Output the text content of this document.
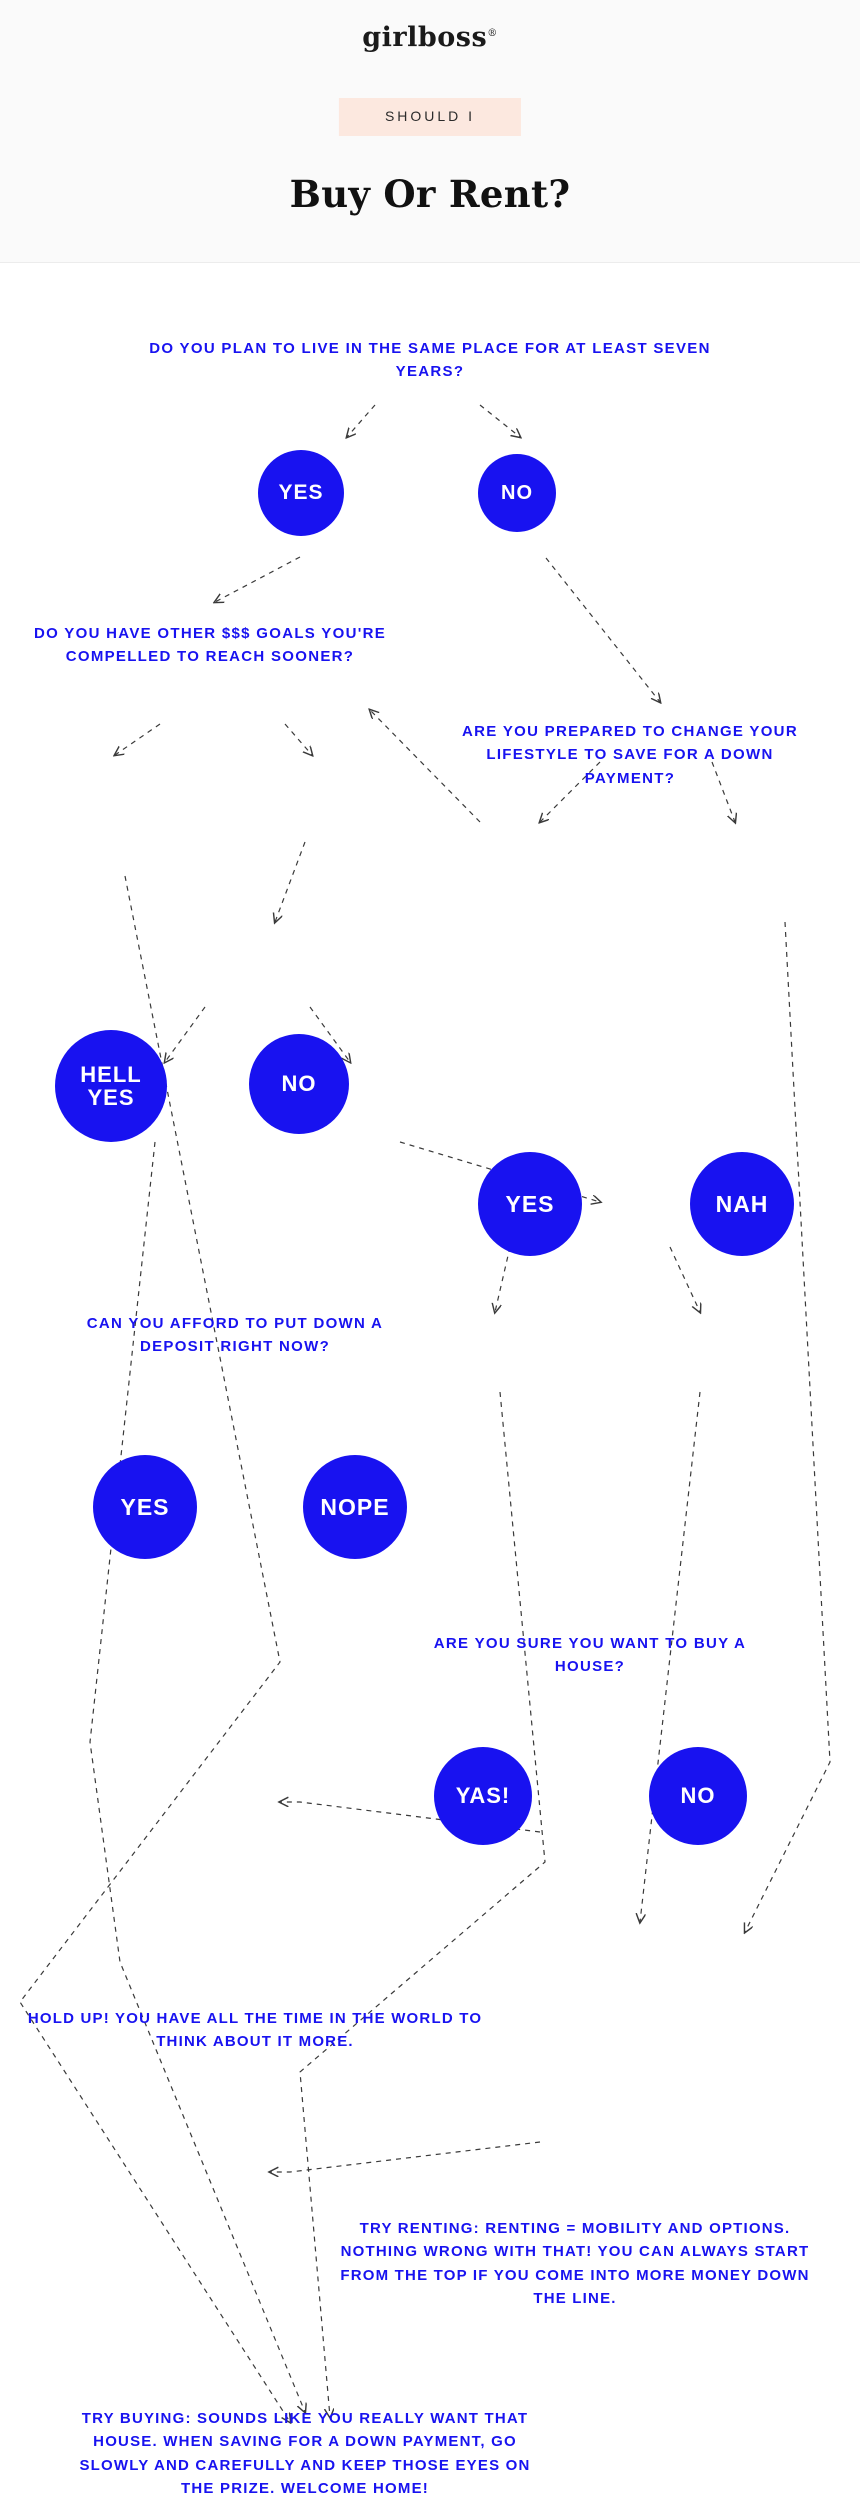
girlboss®
SHOULD I
Buy Or Rent?
DO YOU PLAN TO LIVE IN THE SAME PLACE FOR AT LEAST SEVEN YEARS?
YES	NO
DO YOU HAVE OTHER $$$ GOALS YOU'RE COMPELLED TO REACH SOONER?
HELL YES
NO
ARE YOU PREPARED TO CHANGE YOUR LIFESTYLE TO SAVE FOR A DOWN PAYMENT?
YES	NAH
CAN YOU AFFORD TO PUT DOWN A DEPOSIT RIGHT NOW?
YES	NOPE
ARE YOU SURE YOU WANT TO BUY A HOUSE?
YAS!	NO
HOLD UP! YOU HAVE ALL THE TIME IN THE WORLD TO THINK ABOUT IT MORE.
TRY RENTING: RENTING = MOBILITY AND OPTIONS. NOTHING WRONG WITH THAT! YOU CAN ALWAYS START FROM THE TOP IF YOU COME INTO MORE MONEY DOWN THE LINE.
TRY BUYING: SOUNDS LIKE YOU REALLY WANT THAT HOUSE. WHEN SAVING FOR A DOWN PAYMENT, GO SLOWLY AND CAREFULLY AND KEEP THOSE EYES ON THE PRIZE. WELCOME HOME!
